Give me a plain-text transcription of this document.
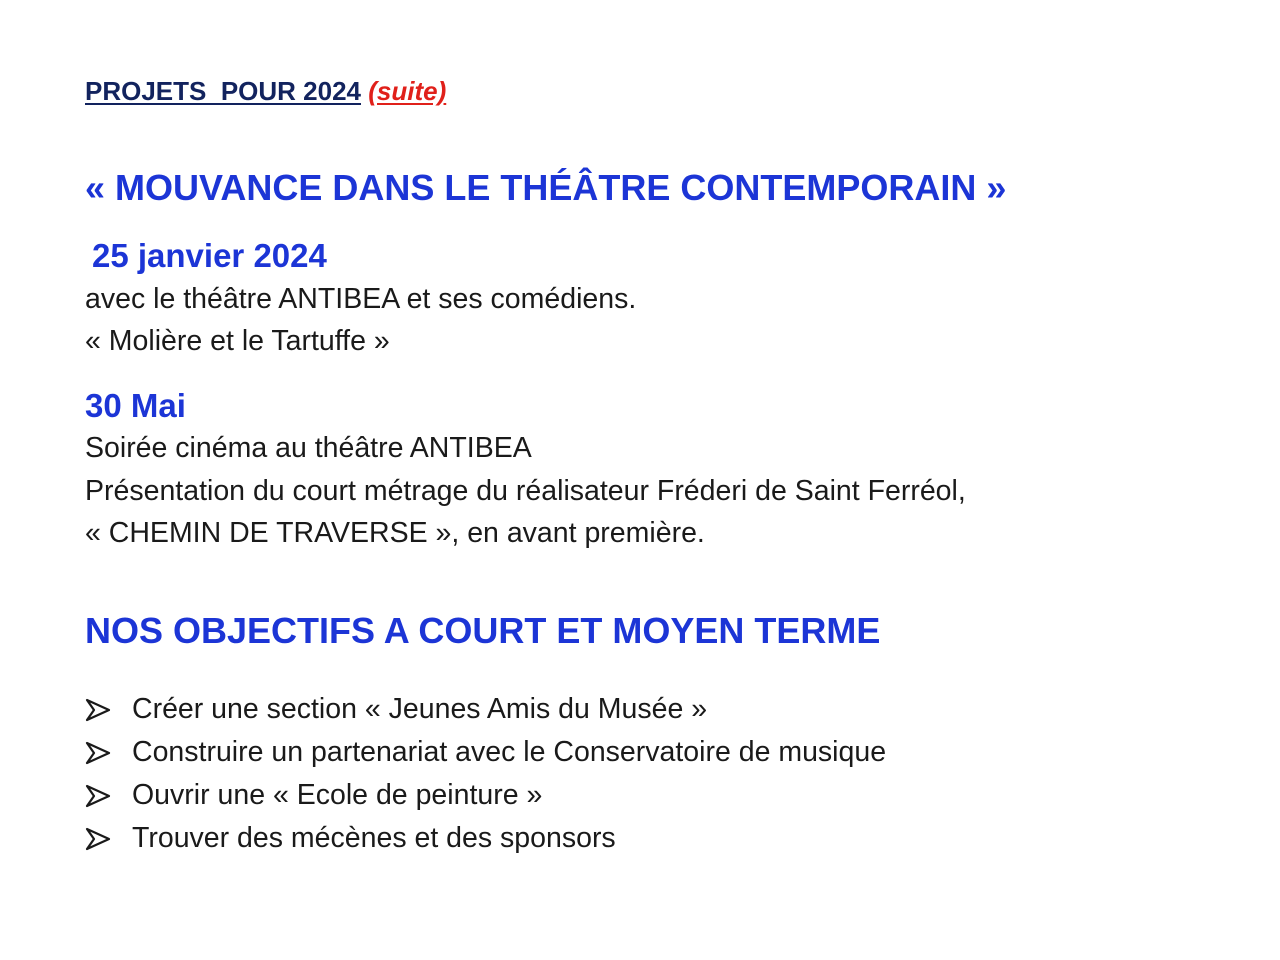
PROJETS  POUR 2024 (suite)
« MOUVANCE DANS LE THÉÂTRE CONTEMPORAIN »
25 janvier 2024
avec le théâtre ANTIBEA et ses comédiens.
« Molière et le Tartuffe »
30 Mai
Soirée cinéma au théâtre ANTIBEA
Présentation du court métrage du réalisateur Fréderi de Saint Ferréol,
« CHEMIN DE TRAVERSE », en avant première.
NOS OBJECTIFS A COURT ET MOYEN TERME
Créer une section « Jeunes Amis du Musée »
Construire un partenariat avec le Conservatoire de musique
Ouvrir une « Ecole de peinture »
Trouver des mécènes et des sponsors
